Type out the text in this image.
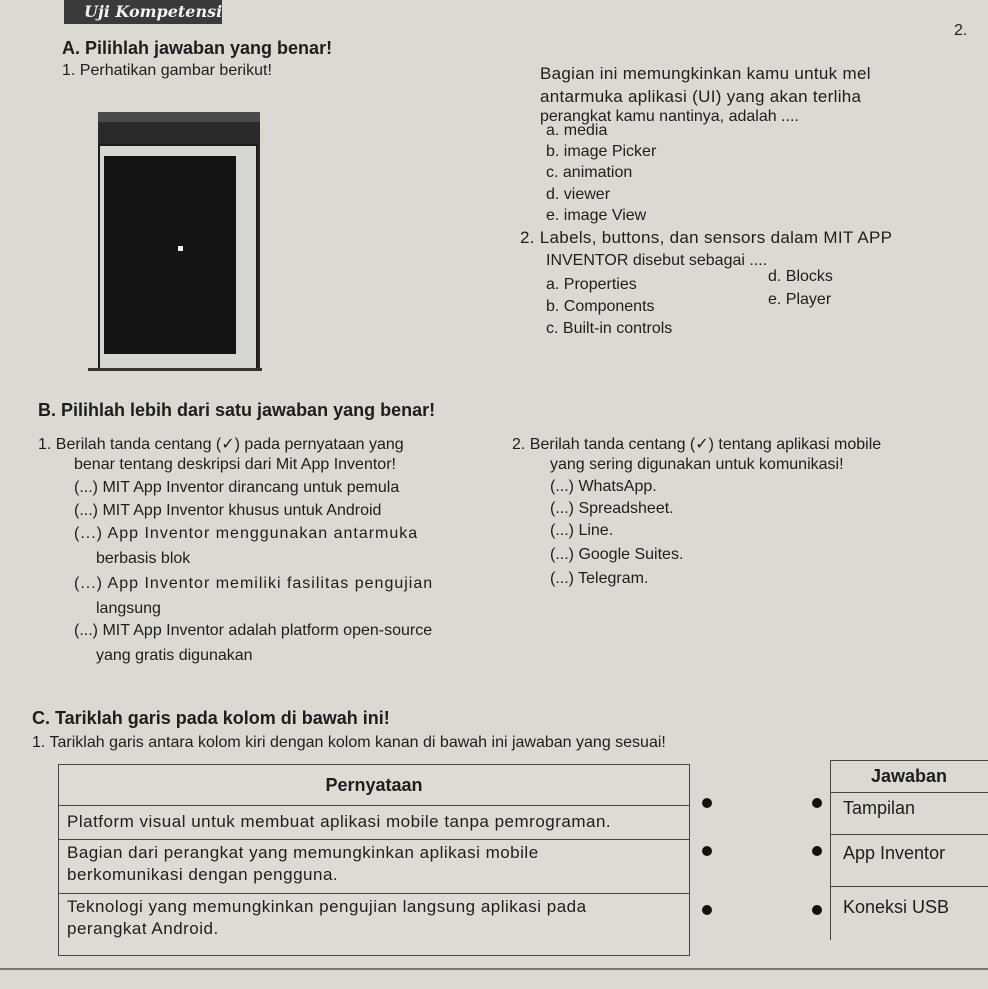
Uji Kompetensi
2.
A. Pilihlah jawaban yang benar!
1. Perhatikan gambar berikut!	Bagian ini memungkinkan kamu untuk mel
antarmuka aplikasi (UI) yang akan terliha
perangkat kamu nantinya, adalah ....
a. media
b. image Picker
c. animation
d. viewer
e. image View
2. Labels, buttons, dan sensors dalam MIT APP
INVENTOR disebut sebagai ....
a. Properties
b. Components
c. Built-in controls
d. Blocks
e. Player
B. Pilihlah lebih dari satu jawaban yang benar!
1. Berilah tanda centang (✓) pada pernyataan yang
benar tentang deskripsi dari Mit App Inventor!
(...) MIT App Inventor dirancang untuk pemula
(...) MIT App Inventor khusus untuk Android
(...) App Inventor menggunakan antarmuka
berbasis blok
(...) App Inventor memiliki fasilitas pengujian
langsung
(...) MIT App Inventor adalah platform open-source
yang gratis digunakan
2. Berilah tanda centang (✓) tentang aplikasi mobile
yang sering digunakan untuk komunikasi!
(...) WhatsApp.
(...) Spreadsheet.
(...) Line.
(...) Google Suites.
(...) Telegram.
C. Tariklah garis pada kolom di bawah ini!
1. Tariklah garis antara kolom kiri dengan kolom kanan di bawah ini jawaban yang sesuai!
Pernyataan
Platform visual untuk membuat aplikasi mobile tanpa pemrograman.
Bagian dari perangkat yang memungkinkan aplikasi mobile
berkomunikasi dengan pengguna.
Teknologi yang memungkinkan pengujian langsung aplikasi pada
perangkat Android.
Jawaban
Tampilan
App Inventor
Koneksi USB
